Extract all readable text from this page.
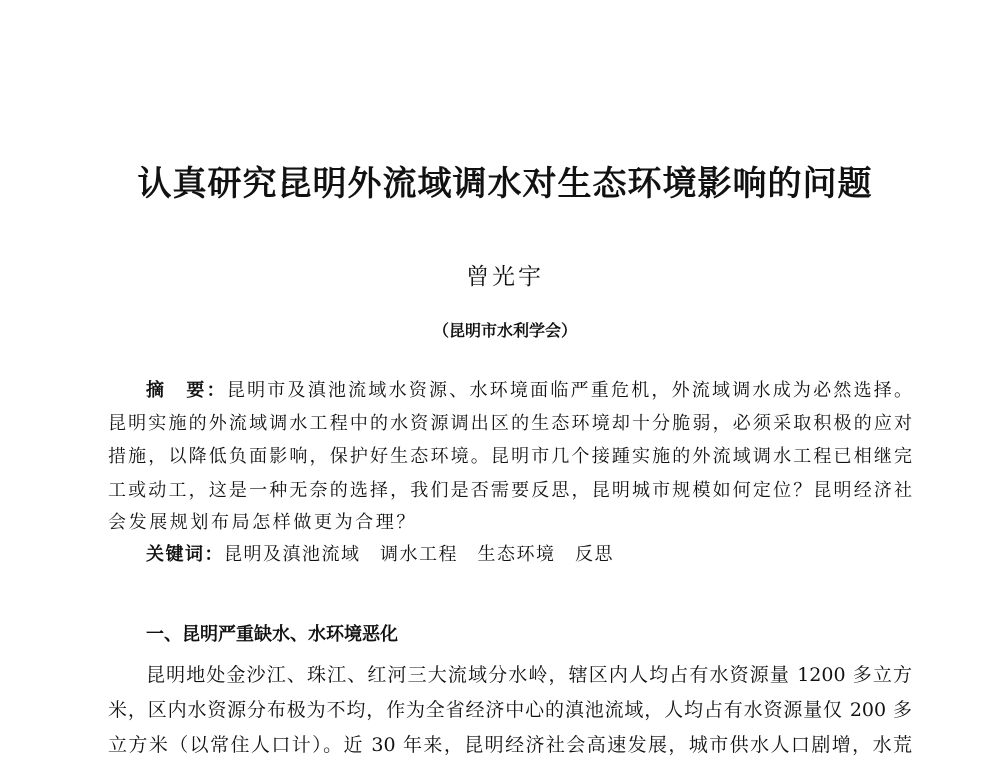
认真研究昆明外流域调水对生态环境影响的问题
曾光宇
（昆明市水利学会）
摘　要：昆明市及滇池流域水资源、水环境面临严重危机，外流域调水成为必然选择。
昆明实施的外流域调水工程中的水资源调出区的生态环境却十分脆弱，必须采取积极的应对
措施，以降低负面影响，保护好生态环境。昆明市几个接踵实施的外流域调水工程已相继完
工或动工，这是一种无奈的选择，我们是否需要反思，昆明城市规模如何定位？昆明经济社
会发展规划布局怎样做更为合理？
关键词：昆明及滇池流域　调水工程　生态环境　反思
一、昆明严重缺水、水环境恶化
昆明地处金沙江、珠江、红河三大流域分水岭，辖区内人均占有水资源量 1200 多立方
米，区内水资源分布极为不均，作为全省经济中心的滇池流域，人均占有水资源量仅 200 多
立方米（以常住人口计）。近 30 年来，昆明经济社会高速发展，城市供水人口剧增，水荒
